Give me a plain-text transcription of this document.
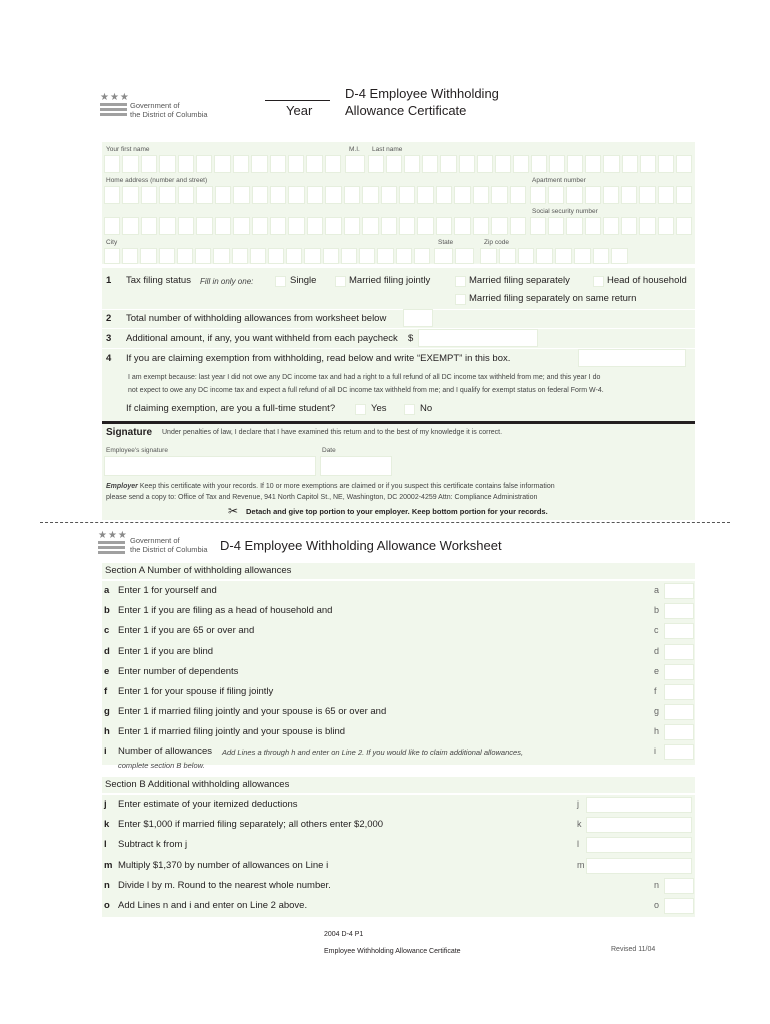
★★★
Government of
the District of Columbia	Year
D-4 Employee Withholding
Allowance Certificate
Your first name	M.I. Last name
Home address (number and street)	Apartment number
Social security number
City	State	Zip code
1 Tax filing status Fill in only one:	Single	Married filing jointly	Married filing separately	Head of household
Married filing separately on same return
2 Total number of withholding allowances from worksheet below
3 Additional amount, if any, you want withheld from each paycheck $
4 If you are claiming exemption from withholding, read below and write “EXEMPT” in this box.
I am exempt because: last year I did not owe any DC income tax and had a right to a full refund of all DC income tax withheld from me; and this year I do
not expect to owe any DC income tax and expect a full refund of all DC income tax withheld from me; and I qualify for exempt status on federal Form W-4.
If claiming exemption, are you a full-time student?	Yes	No
Signature Under penalties of law, I declare that I have examined this return and to the best of my knowledge it is correct.
Employee's signature	Date
Employer Keep this certificate with your records. If 10 or more exemptions are claimed or if you suspect this certificate contains false information
please send a copy to: Office of Tax and Revenue, 941 North Capitol St., NE, Washington, DC 20002-4259 Attn: Compliance Administration
✂ Detach and give top portion to your employer. Keep bottom portion for your records.
★★★ Government of
the District of Columbia D-4 Employee Withholding Allowance Worksheet
Section A Number of withholding allowances
a Enter 1 for yourself and	a
b Enter 1 if you are filing as a head of household and	b
c Enter 1 if you are 65 or over and	c
d Enter 1 if you are blind	d
e Enter number of dependents	e
f Enter 1 for your spouse if filing jointly	f
g Enter 1 if married filing jointly and your spouse is 65 or over and	g
h Enter 1 if married filing jointly and your spouse is blind	h
i Number of allowances Add Lines a through h and enter on Line 2. If you would like to claim additional allowances,	i
complete section B below.
Section B Additional withholding allowances
j Enter estimate of your itemized deductions	j
k Enter $1,000 if married filing separately; all others enter $2,000	k
l Subtract k from j	l
m Multiply $1,370 by number of allowances on Line i	m
n Divide l by m. Round to the nearest whole number.	n
o Add Lines n and i and enter on Line 2 above.	o
2004 D-4 P1
Employee Withholding Allowance Certificate	Revised 11/04
